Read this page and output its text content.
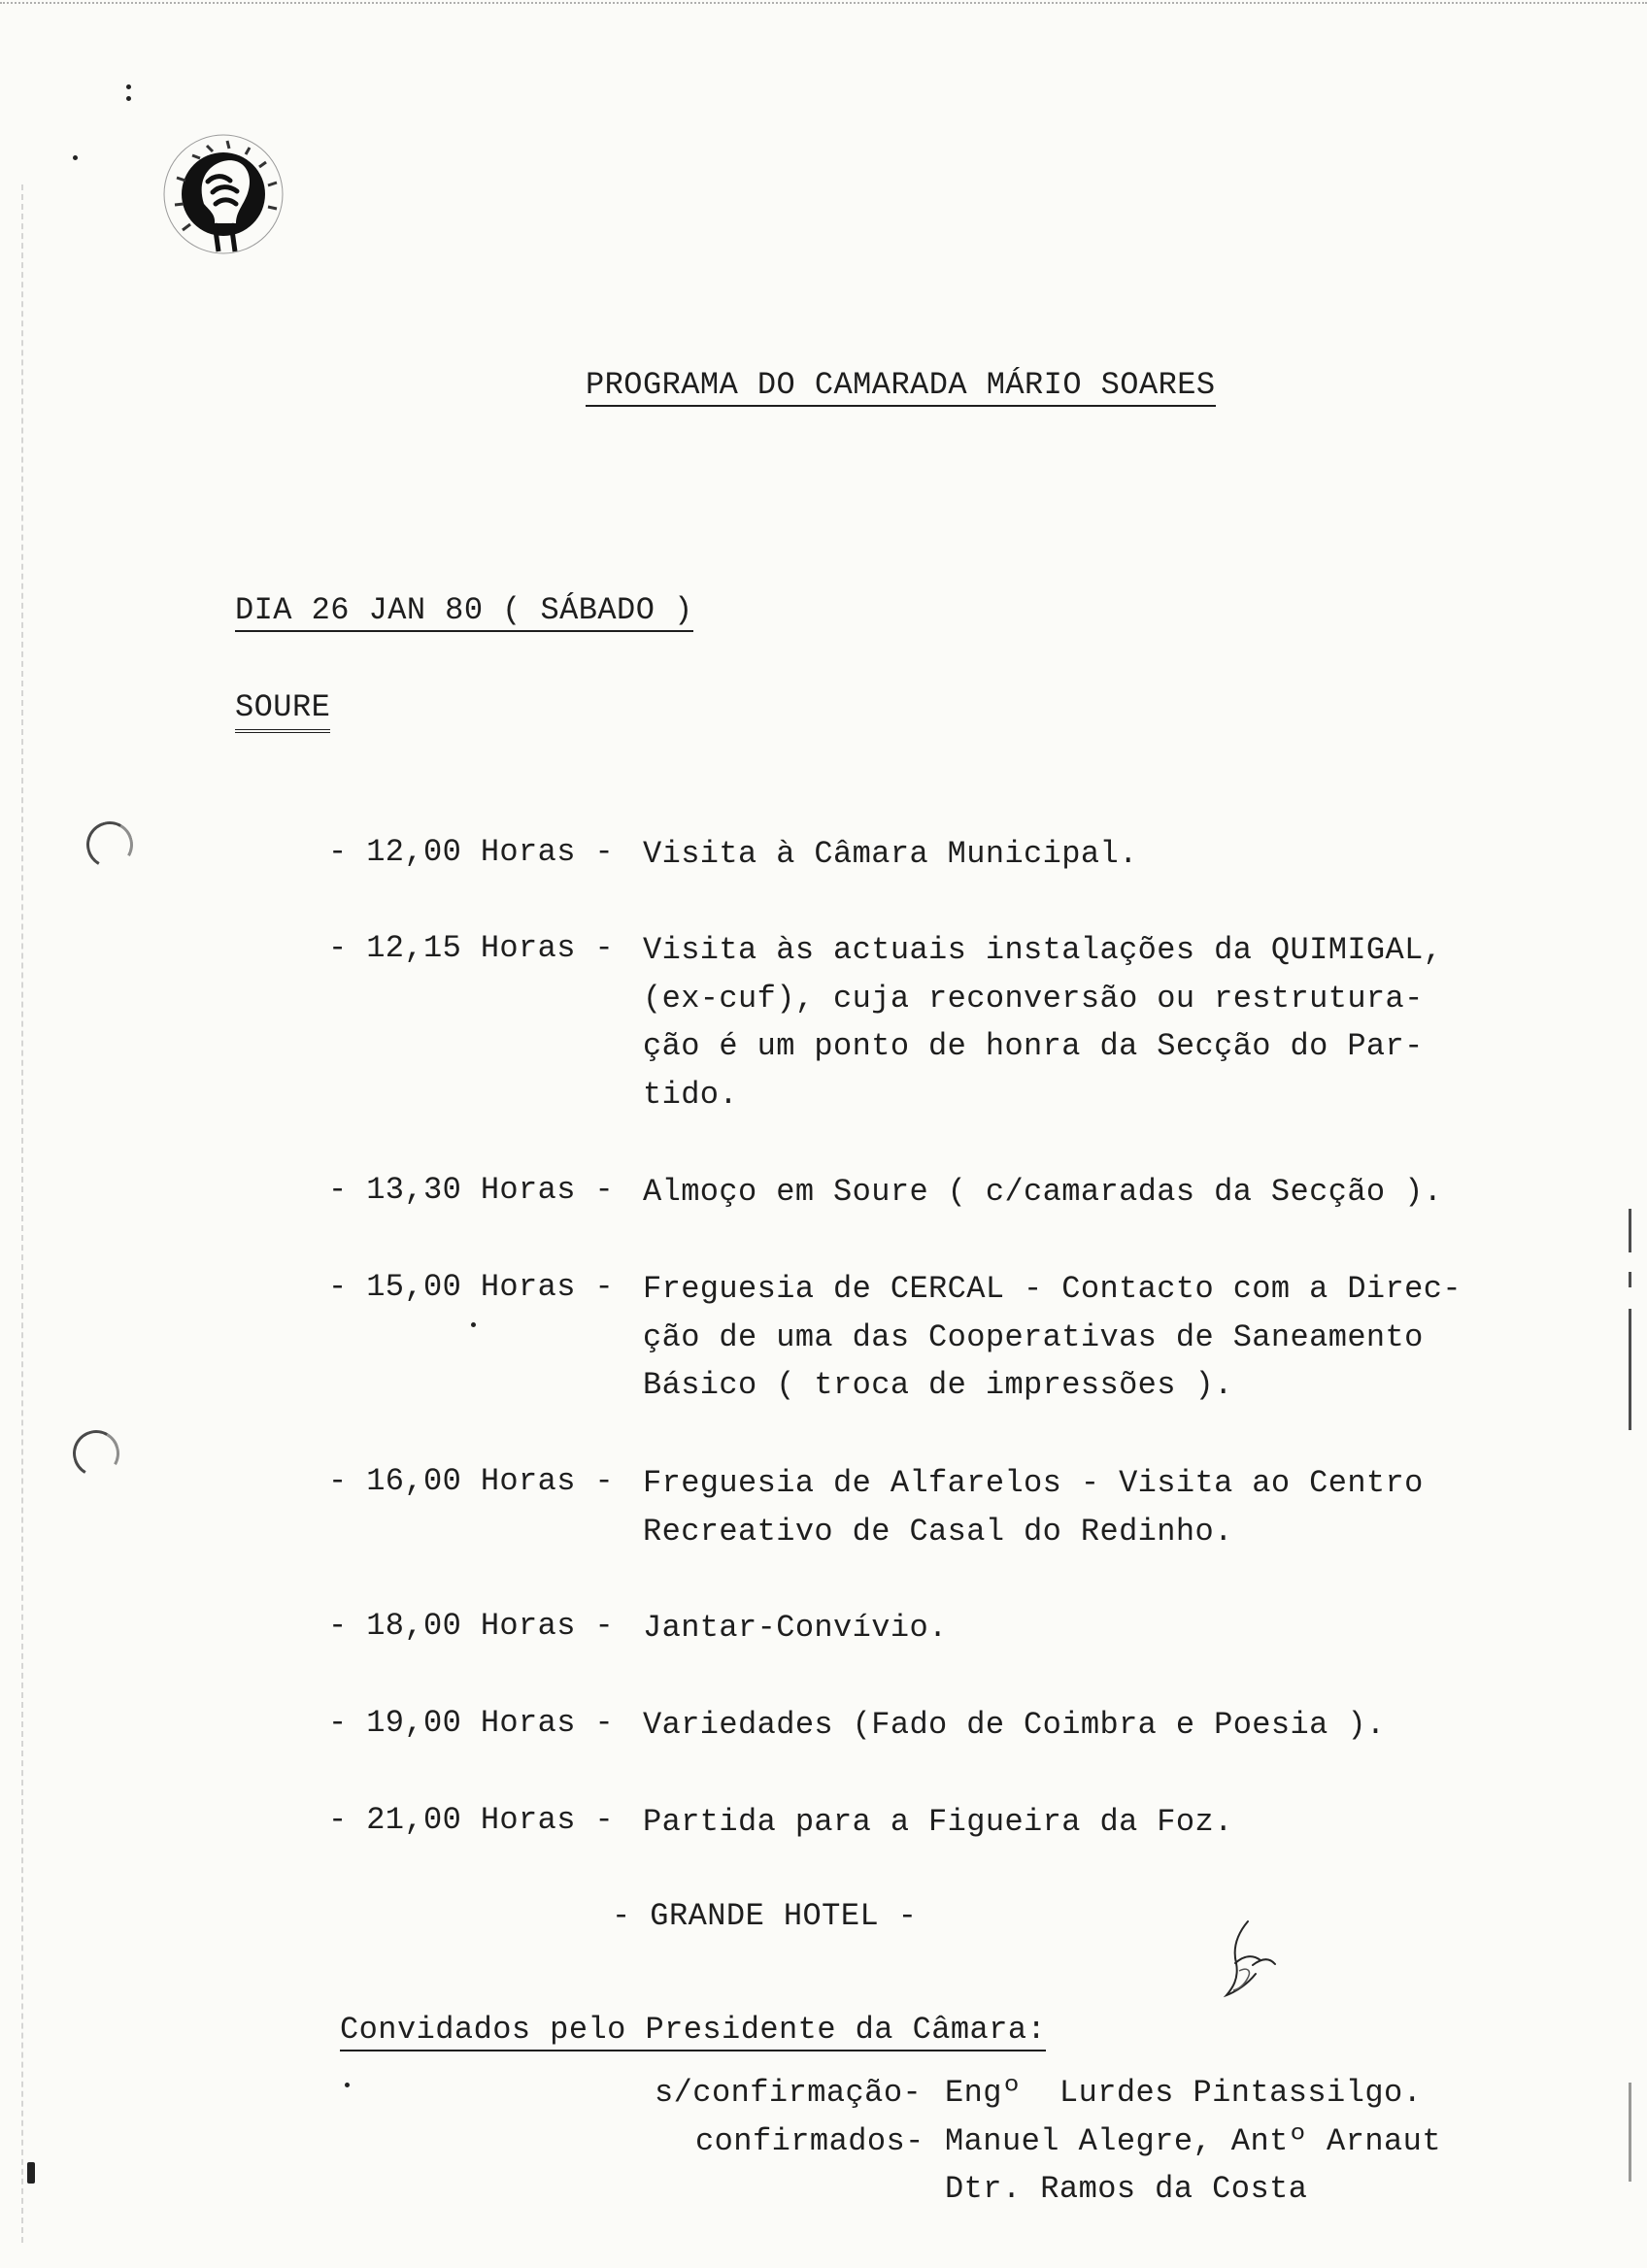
PROGRAMA DO CAMARADA MÁRIO SOARES
DIA 26 JAN 80 ( SÁBADO )
SOURE
- 12,00 Horas - Visita à Câmara Municipal.
- 12,15 Horas - Visita às actuais instalações da QUIMIGAL,
(ex-cuf), cuja reconversão ou restrutura-
ção é um ponto de honra da Secção do Par-
tido.
- 13,30 Horas - Almoço em Soure ( c/camaradas da Secção ).
- 15,00 Horas - Freguesia de CERCAL - Contacto com a Direc-
ção de uma das Cooperativas de Saneamento
Básico ( troca de impressões ).
- 16,00 Horas - Freguesia de Alfarelos - Visita ao Centro
Recreativo de Casal do Redinho.
- 18,00 Horas - Jantar-Convívio.
- 19,00 Horas - Variedades (Fado de Coimbra e Poesia ).
- 21,00 Horas - Partida para a Figueira da Foz.
- GRANDE HOTEL -
Convidados pelo Presidente da Câmara:
s/confirmação- Engº  Lurdes Pintassilgo.
confirmados- Manuel Alegre, Antº Arnaut
Dtr. Ramos da Costa
